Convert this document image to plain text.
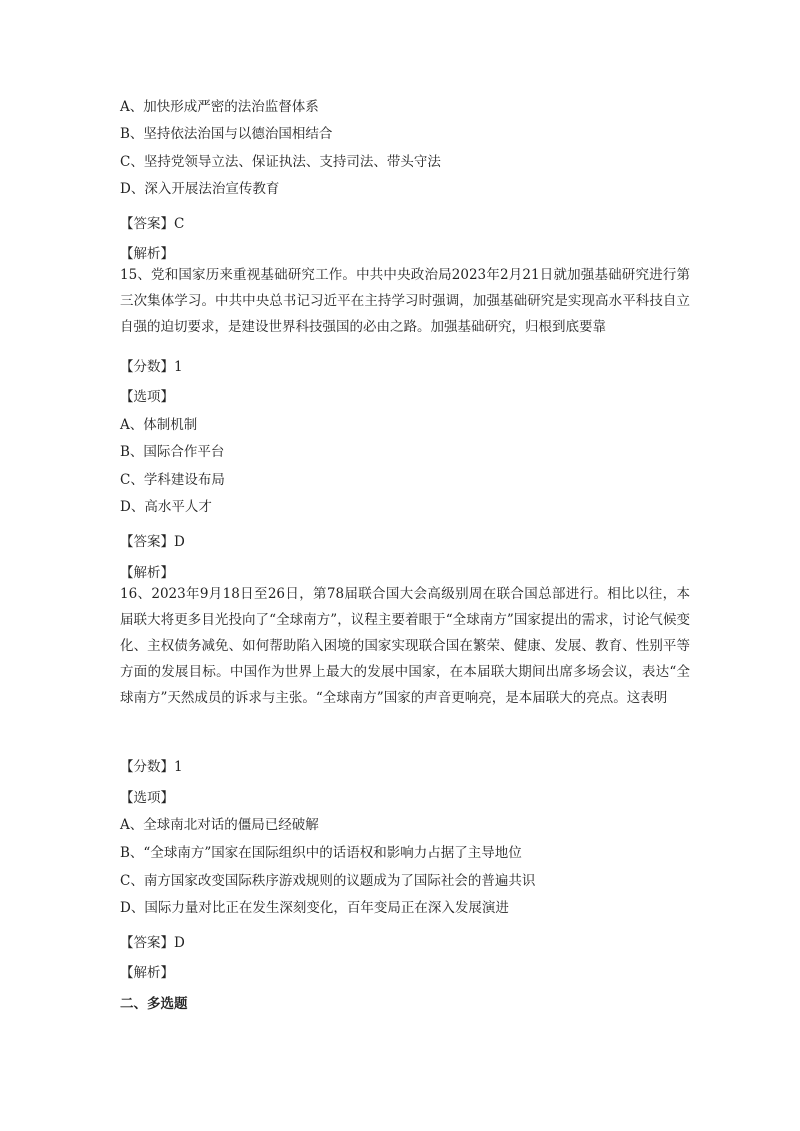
A、加快形成严密的法治监督体系
B、坚持依法治国与以德治国相结合
C、坚持党领导立法、保证执法、支持司法、带头守法
D、深入开展法治宣传教育
【答案】C
【解析】
15、党和国家历来重视基础研究工作。中共中央政治局2023年2月21日就加强基础研究进行第三次集体学习。中共中央总书记习近平在主持学习时强调，加强基础研究是实现高水平科技自立自强的迫切要求，是建设世界科技强国的必由之路。加强基础研究，归根到底要靠
【分数】1
【选项】
A、体制机制
B、国际合作平台
C、学科建设布局
D、高水平人才
【答案】D
【解析】
16、2023年9月18日至26日，第78届联合国大会高级别周在联合国总部进行。相比以往，本届联大将更多目光投向了“全球南方”，议程主要着眼于“全球南方”国家提出的需求，讨论气候变化、主权债务减免、如何帮助陷入困境的国家实现联合国在繁荣、健康、发展、教育、性别平等方面的发展目标。中国作为世界上最大的发展中国家，在本届联大期间出席多场会议，表达“全球南方”天然成员的诉求与主张。“全球南方”国家的声音更响亮，是本届联大的亮点。这表明
【分数】1
【选项】
A、全球南北对话的僵局已经破解
B、“全球南方”国家在国际组织中的话语权和影响力占据了主导地位
C、南方国家改变国际秩序游戏规则的议题成为了国际社会的普遍共识
D、国际力量对比正在发生深刻变化，百年变局正在深入发展演进
【答案】D
【解析】
二、多选题
